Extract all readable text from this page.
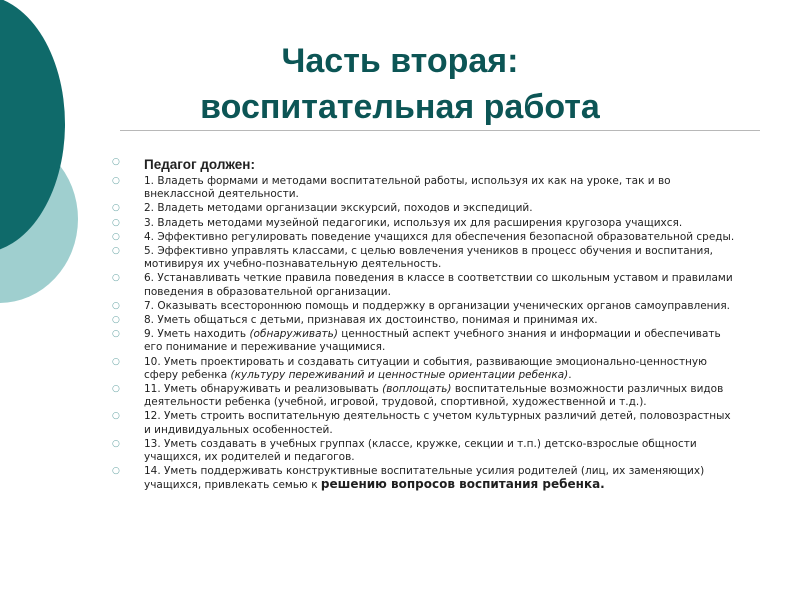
Часть вторая:
воспитательная работа
○ Педагог должен:
○ 1. Владеть формами и методами воспитательной работы, используя их как на уроке, так и во внеклассной деятельности.
○ 2. Владеть методами организации экскурсий, походов и экспедиций.
○ 3. Владеть методами музейной педагогики, используя их для расширения кругозора учащихся.
○ 4. Эффективно регулировать поведение учащихся для обеспечения безопасной образовательной среды.
○ 5. Эффективно управлять классами, с целью вовлечения учеников в процесс обучения и воспитания, мотивируя их учебно-познавательную деятельность.
○ 6. Устанавливать четкие правила поведения в классе в соответствии со школьным уставом и правилами поведения в образовательной организации.
○ 7. Оказывать всестороннюю помощь и поддержку в организации ученических органов самоуправления.
○ 8. Уметь общаться с детьми, признавая их достоинство, понимая и принимая их.
○ 9. Уметь находить (обнаруживать) ценностный аспект учебного знания и информации и обеспечивать его понимание и переживание учащимися.
○ 10. Уметь проектировать и создавать ситуации и события, развивающие эмоционально-ценностную сферу ребенка (культуру переживаний и ценностные ориентации ребенка).
○ 11. Уметь обнаруживать и реализовывать (воплощать) воспитательные возможности различных видов деятельности ребенка (учебной, игровой, трудовой, спортивной, художественной и т.д.).
○ 12. Уметь строить воспитательную деятельность с учетом культурных различий детей, половозрастных и индивидуальных особенностей.
○ 13. Уметь создавать в учебных группах (классе, кружке, секции и т.п.) детско-взрослые общности учащихся, их родителей и педагогов.
○ 14. Уметь поддерживать конструктивные воспитательные усилия родителей (лиц, их заменяющих) учащихся, привлекать семью к решению вопросов воспитания ребенка.
